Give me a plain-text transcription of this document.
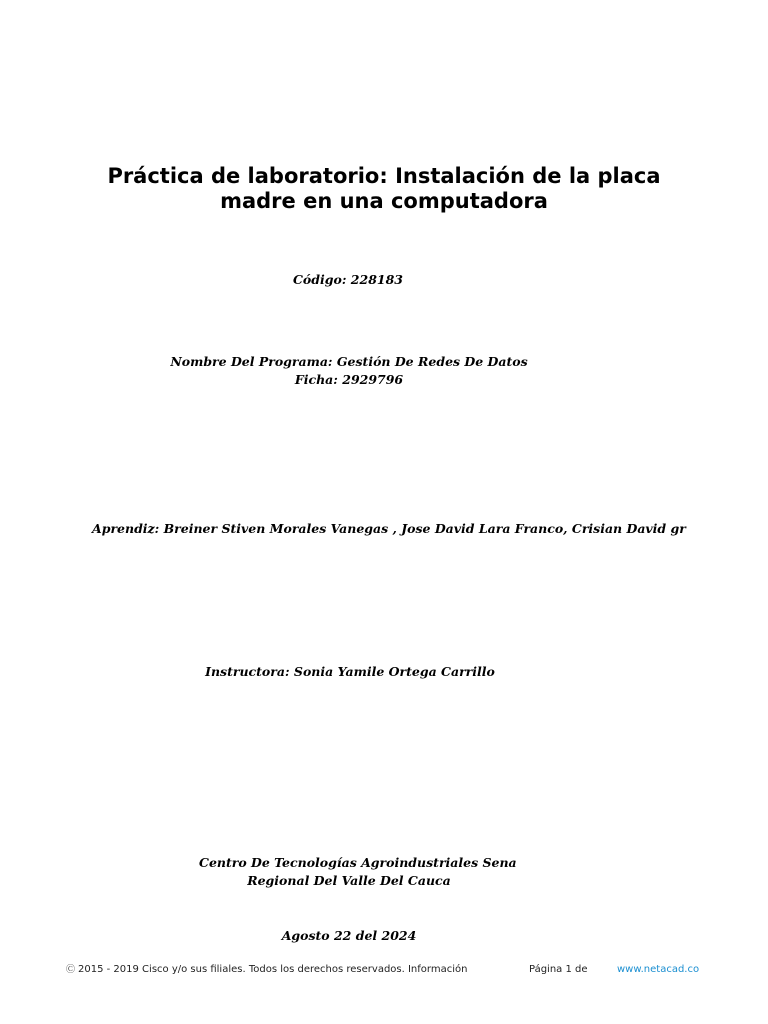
Práctica de laboratorio: Instalación de la placa madre en una computadora
Código: 228183
Nombre Del Programa: Gestión De Redes De Datos Ficha: 2929796
Aprendiz: Breiner Stiven Morales Vanegas , Jose David Lara Franco, Crisian David gr
Instructora: Sonia Yamile Ortega Carrillo
Centro De Tecnologías Agroindustriales Sena
Regional Del Valle Del Cauca
Agosto 22 del 2024
Ⓒ 2015 - 2019 Cisco y/o sus filiales. Todos los derechos reservados. Información	Página 1 de	www.netacad.co
